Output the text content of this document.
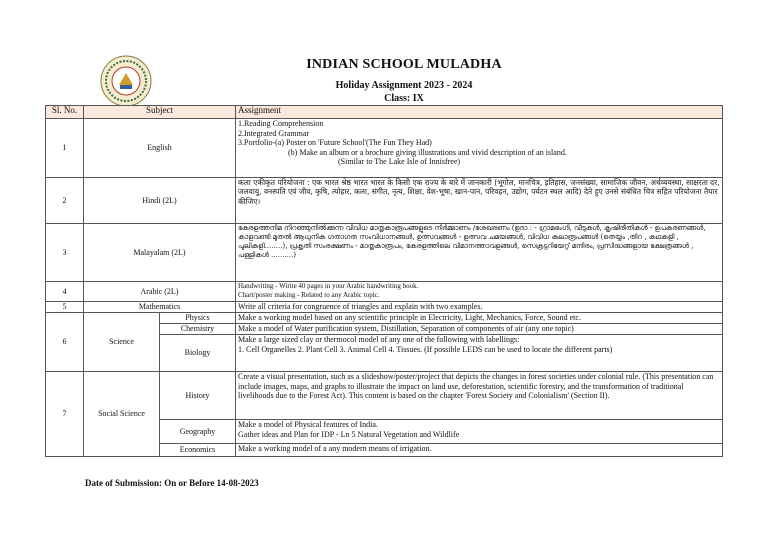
INDIAN SCHOOL MULADHA
Holiday Assignment 2023 - 2024
Class: IX
Sl. No.	Subject		Assignment
1	English		1.Reading Comprehension
2.Integrated Grammar
3.Portfolio-(a) Poster on 'Future School'(The Fun They Had)
(b) Make an album or a brochure giving illustrations and vivid description of an island.
(Similar to The Lake Isle of Innisfree)

2	Hindi (2L)		कला एकीकृत परियोजना : एक भारत श्रेष्ठ भारत भारत के किसी एक राज्य के बारे में जानकारी (भूगोल, मानचित्र, इतिहास, जनसंख्या, सामाजिक जीवन, अर्थव्यवस्था, साक्षरता दर, जलवायु, वनस्पति एवं जीव, कृषि, त्योहार, कला, संगीत, नृत्य, शिक्षा, वेश-भूषा, खान-पान, परिवहन, उद्योग, पर्यटन स्थल आदि) देते हुए उनसे संबंधित चित्र सहित परियोजना तैयार कीजिए।
3	Malayalam (2L)		കേരളത്തനിമ നിറഞ്ഞുനിൽക്കുന്ന വിവിധ മാതൃകാരൂപങ്ങളുടെ നിർമ്മാണം /ശേഖരണം (ഉദാ : - ഗ്രാമഭംഗി, വീടുകൾ, കൃഷിരീതികൾ - ഉപകരണങ്ങൾ, കാളവണ്ടി മുതൽ ആധുനിക ഗതാഗത സംവിധാനങ്ങൾ, ഉത്സവങ്ങൾ - ഉത്സവ ചമയങ്ങൾ, വിവിധ കലാരൂപങ്ങൾ (തെയ്യം ,തിറ , കഥകളി , പുലികളി........), പ്രകൃതി സംരക്ഷണം - മാതൃകാരൂപം, കേരളത്തിലെ വിമാനത്താവളങ്ങൾ, സെക്രട്ടറിയേറ്റ് മന്ദിരം, പ്രസിദ്ധങ്ങളായ ക്ഷേത്രങ്ങൾ , പള്ളികൾ ..........)
4	Arabic (2L)		Handwriting - Wirite 40 pages in your Arabic handwriting book.
Chart/poster making - Related to any Arabic topic.

5	Mathematics		Write all criteria for congruence of triangles and explain with two examples.
6	Science	Physics	Make a working model based on any scientific principle in Electricity, Light, Mechanics, Force, Sound etc.
		Chemistry	Make a model of Water purification system, Distillation, Separation of components of air (any one topic)
		Biology	Make a large sized clay or thermocol model of any one of the following with labellings:
1. Cell Organelles 2. Plant Cell 3. Animal Cell 4. Tissues. (If possible LEDS can be used to locate the different parts)

7	Social Science	History	Create a visual presentation, such as a slideshow/poster/project that depicts the changes in forest societies under colonial rule. (This presentation can include images, maps, and graphs to illustrate the impact on land use, deforestation, scientific forestry, and the transformation of traditional livelihoods due to the Forest Act). This content is based on the chapter 'Forest Society and Colonialism' (Section II).
		Geography	Make a model of Physical features of India.
Gather ideas and Plan for IDP - Ln 5 Natural Vegetation and Wildlife

		Economics	Make a working model of a any modern means of irrigation.
Date of Submission: On or Before 14-08-2023
